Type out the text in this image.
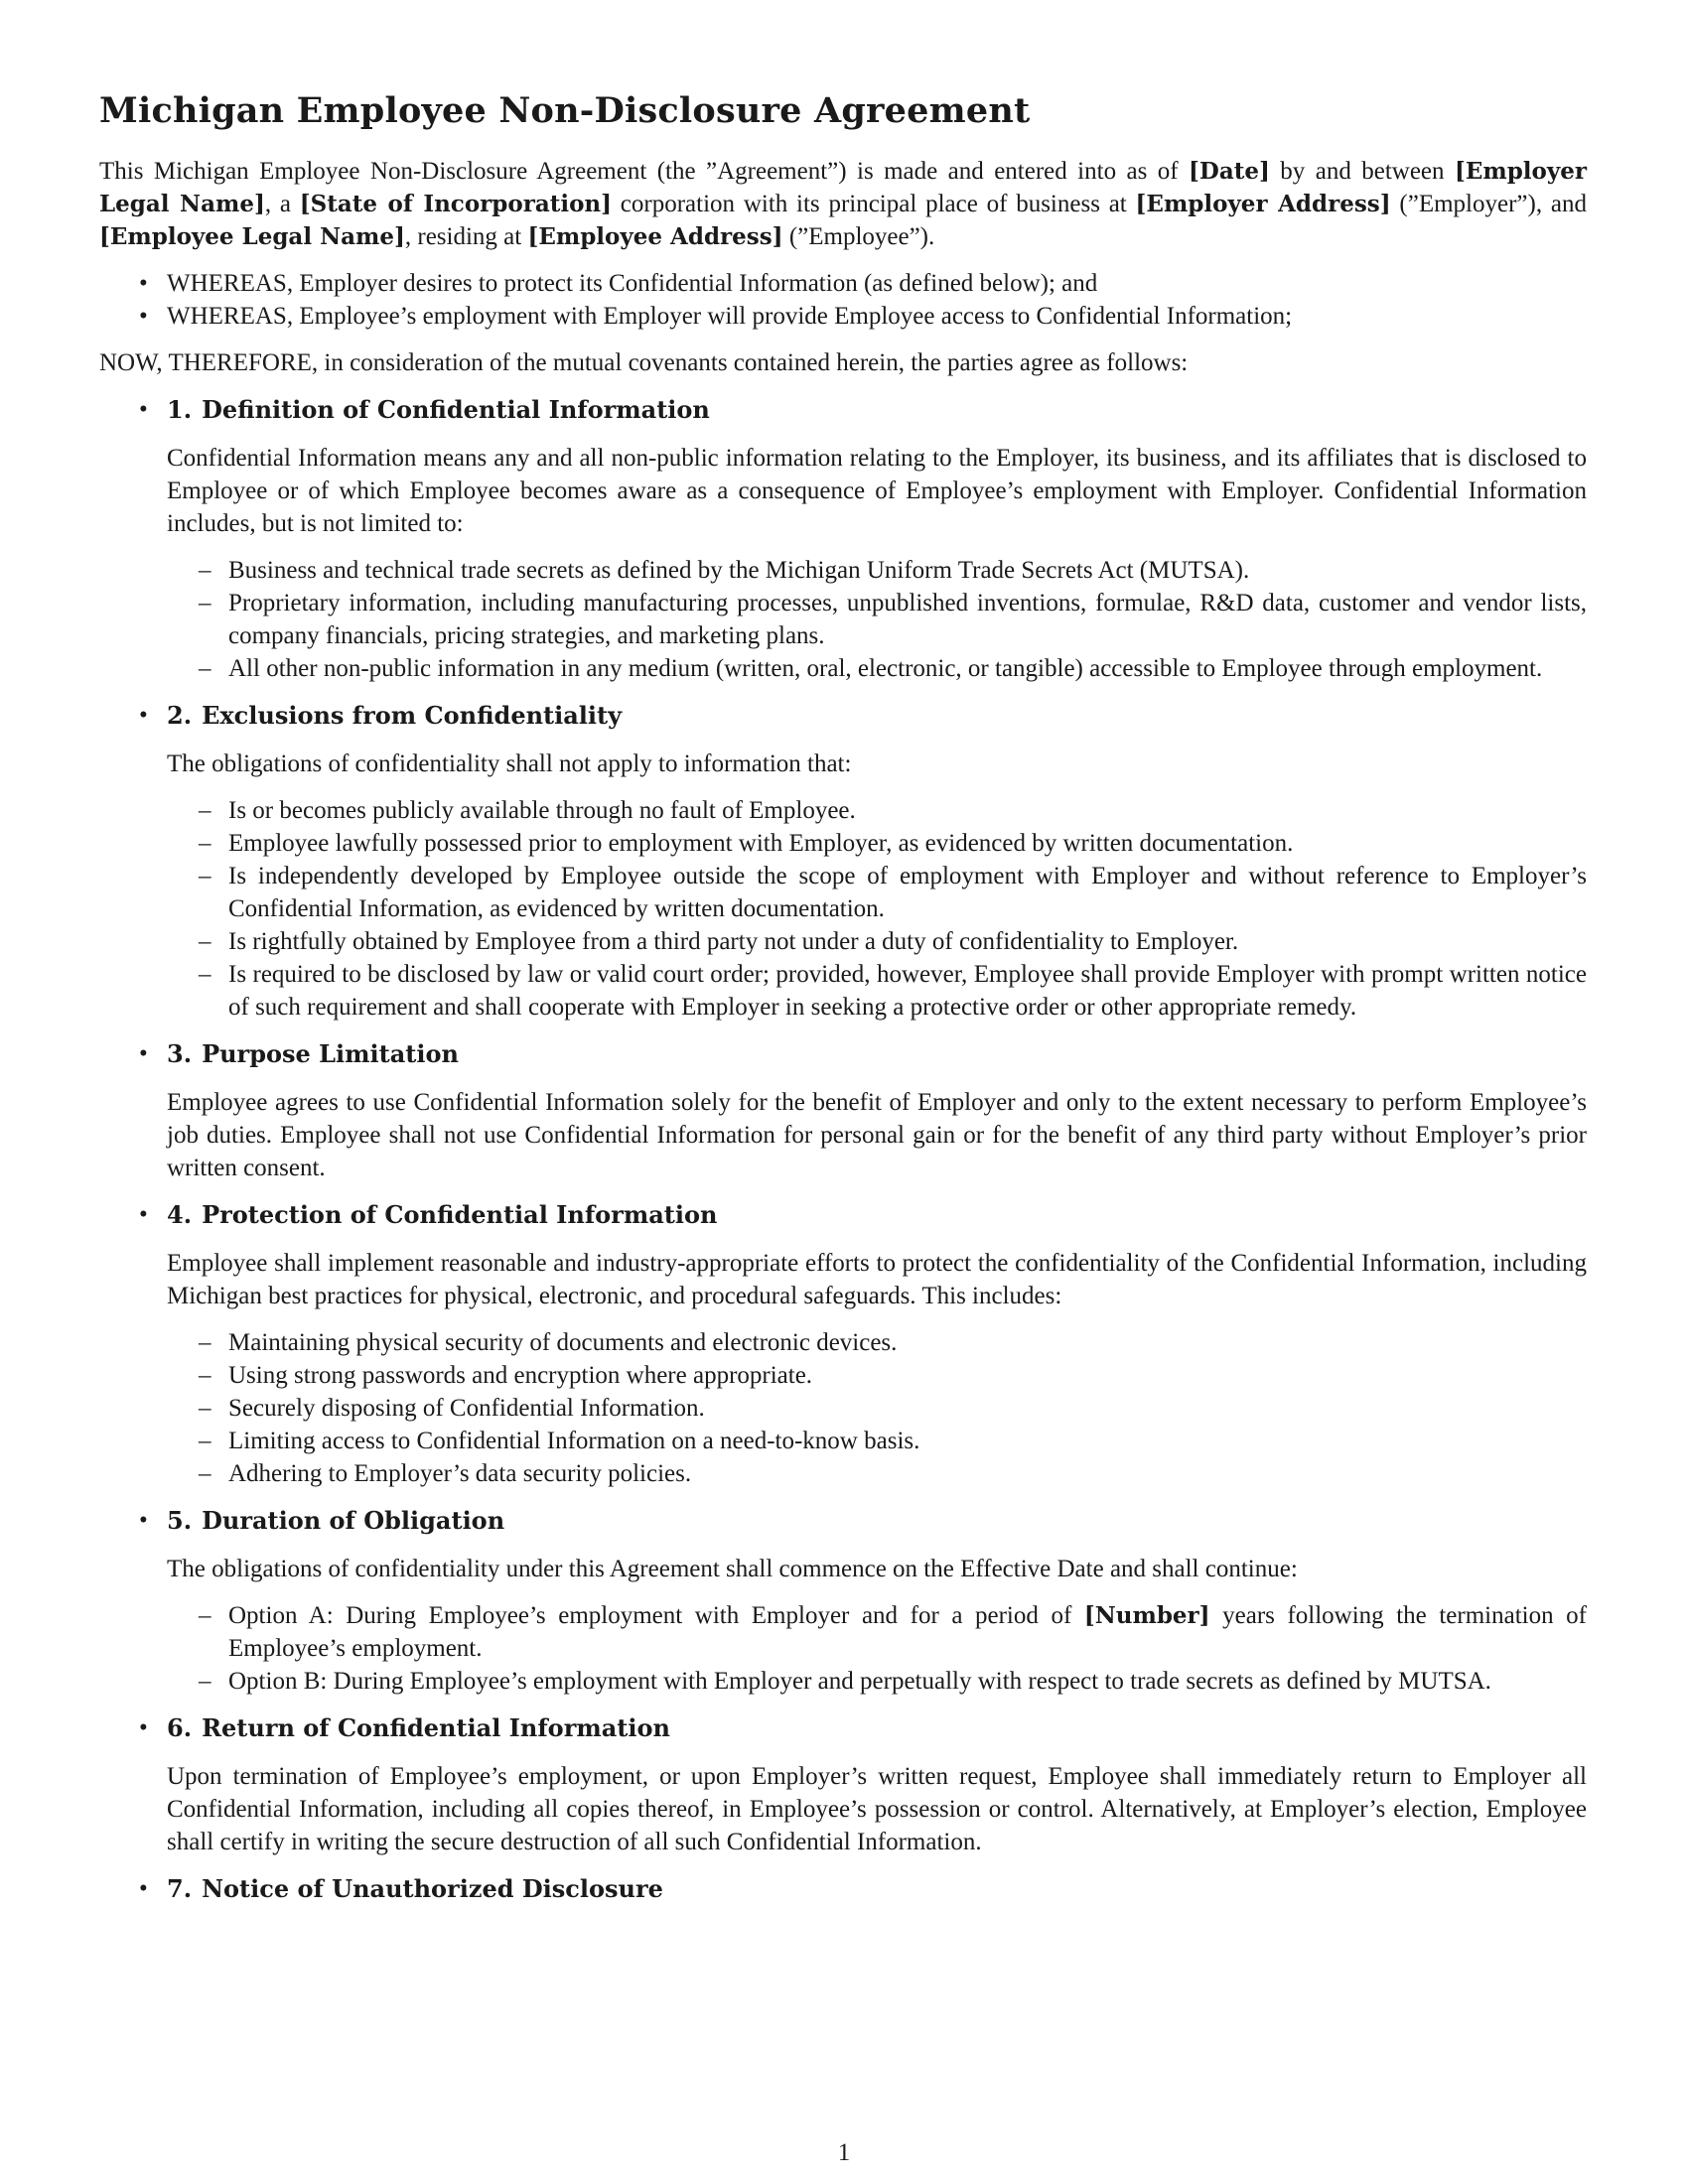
Michigan Employee Non-Disclosure Agreement

This Michigan Employee Non-Disclosure Agreement (the ”Agreement”) is made and entered into as of [Date] by and between [Employer Legal Name], a [State of Incorporation] corporation with its principal place of business at [Employer Address] (”Employer”), and [Employee Legal Name], residing at [Employee Address] (”Employee”).

• WHEREAS, Employer desires to protect its Confidential Information (as defined below); and
• WHEREAS, Employee’s employment with Employer will provide Employee access to Confidential Information;

NOW, THEREFORE, in consideration of the mutual covenants contained herein, the parties agree as follows:

• 1. Definition of Confidential Information

Confidential Information means any and all non-public information relating to the Employer, its business, and its affiliates that is disclosed to Employee or of which Employee becomes aware as a consequence of Employee’s employment with Employer. Confidential Information includes, but is not limited to:

– Business and technical trade secrets as defined by the Michigan Uniform Trade Secrets Act (MUTSA).
– Proprietary information, including manufacturing processes, unpublished inventions, formulae, R&D data, customer and vendor lists, company financials, pricing strategies, and marketing plans.
– All other non-public information in any medium (written, oral, electronic, or tangible) accessible to Employee through employment.
• 2. Exclusions from Confidentiality

The obligations of confidentiality shall not apply to information that:

– Is or becomes publicly available through no fault of Employee.
– Employee lawfully possessed prior to employment with Employer, as evidenced by written documentation.
– Is independently developed by Employee outside the scope of employment with Employer and without reference to Employer’s Confidential Information, as evidenced by written documentation.
– Is rightfully obtained by Employee from a third party not under a duty of confidentiality to Employer.
– Is required to be disclosed by law or valid court order; provided, however, Employee shall provide Employer with prompt written notice of such requirement and shall cooperate with Employer in seeking a protective order or other appropriate remedy.
• 3. Purpose Limitation

Employee agrees to use Confidential Information solely for the benefit of Employer and only to the extent necessary to perform Employee’s job duties. Employee shall not use Confidential Information for personal gain or for the benefit of any third party without Employer’s prior written consent.

• 4. Protection of Confidential Information

Employee shall implement reasonable and industry-appropriate efforts to protect the confidentiality of the Confidential Information, including Michigan best practices for physical, electronic, and procedural safeguards. This includes:

– Maintaining physical security of documents and electronic devices.
– Using strong passwords and encryption where appropriate.
– Securely disposing of Confidential Information.
– Limiting access to Confidential Information on a need-to-know basis.
– Adhering to Employer’s data security policies.
• 5. Duration of Obligation

The obligations of confidentiality under this Agreement shall commence on the Effective Date and shall continue:

– Option A: During Employee’s employment with Employer and for a period of [Number] years following the termination of Employee’s employment.
– Option B: During Employee’s employment with Employer and perpetually with respect to trade secrets as defined by MUTSA.
• 6. Return of Confidential Information

Upon termination of Employee’s employment, or upon Employer’s written request, Employee shall immediately return to Employer all Confidential Information, including all copies thereof, in Employee’s possession or control. Alternatively, at Employer’s election, Employee shall certify in writing the secure destruction of all such Confidential Information.

• 7. Notice of Unauthorized Disclosure
1
